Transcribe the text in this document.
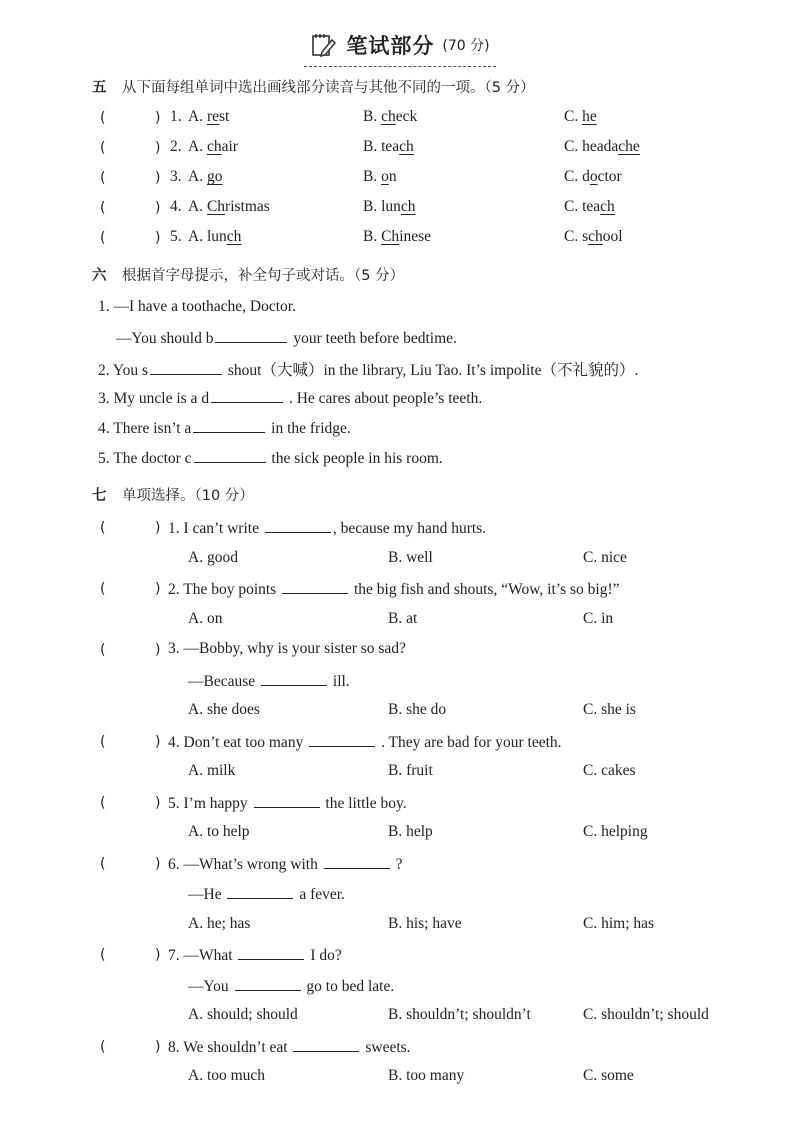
笔试部分 (70 分)
五 从下面每组单词中选出画线部分读音与其他不同的一项。（5 分）
(	) 1. A. rest	B. check	C. he
(	) 2. A. chair	B. teach	C. headache
(	) 3. A. go	B. on	C. doctor
(	) 4. A. Christmas	B. lunch	C. teach
(	) 5. A. lunch	B. Chinese	C. school
六 根据首字母提示，补全句子或对话。（5 分）
1. —I have a toothache, Doctor.
—You should b	your teeth before bedtime.
2. You s	shout（大喊）in the library, Liu Tao. It’s impolite（不礼貌的）.
3. My uncle is a d	. He cares about people’s teeth.
4. There isn’t a	in the fridge.
5. The doctor c	the sick people in his room.
七 单项选择。（10 分）
(	) 1. I can’t write	, because my hand hurts.
A. good	B. well	C. nice
(	) 2. The boy points	the big fish and shouts, “Wow, it’s so big!”
A. on	B. at	C. in
(	) 3. —Bobby, why is your sister so sad?
—Because	ill.
A. she does	B. she do	C. she is
(	) 4. Don’t eat too many	. They are bad for your teeth.
A. milk	B. fruit	C. cakes
(	) 5. I’m happy	the little boy.
A. to help	B. help	C. helping
(	) 6. —What’s wrong with	?
—He	a fever.
A. he; has	B. his; have	C. him; has
(	) 7. —What	I do?
—You	go to bed late.
A. should; should	B. shouldn’t; shouldn’t	C. shouldn’t; should
(	) 8. We shouldn’t eat	sweets.
A. too much	B. too many	C. some
